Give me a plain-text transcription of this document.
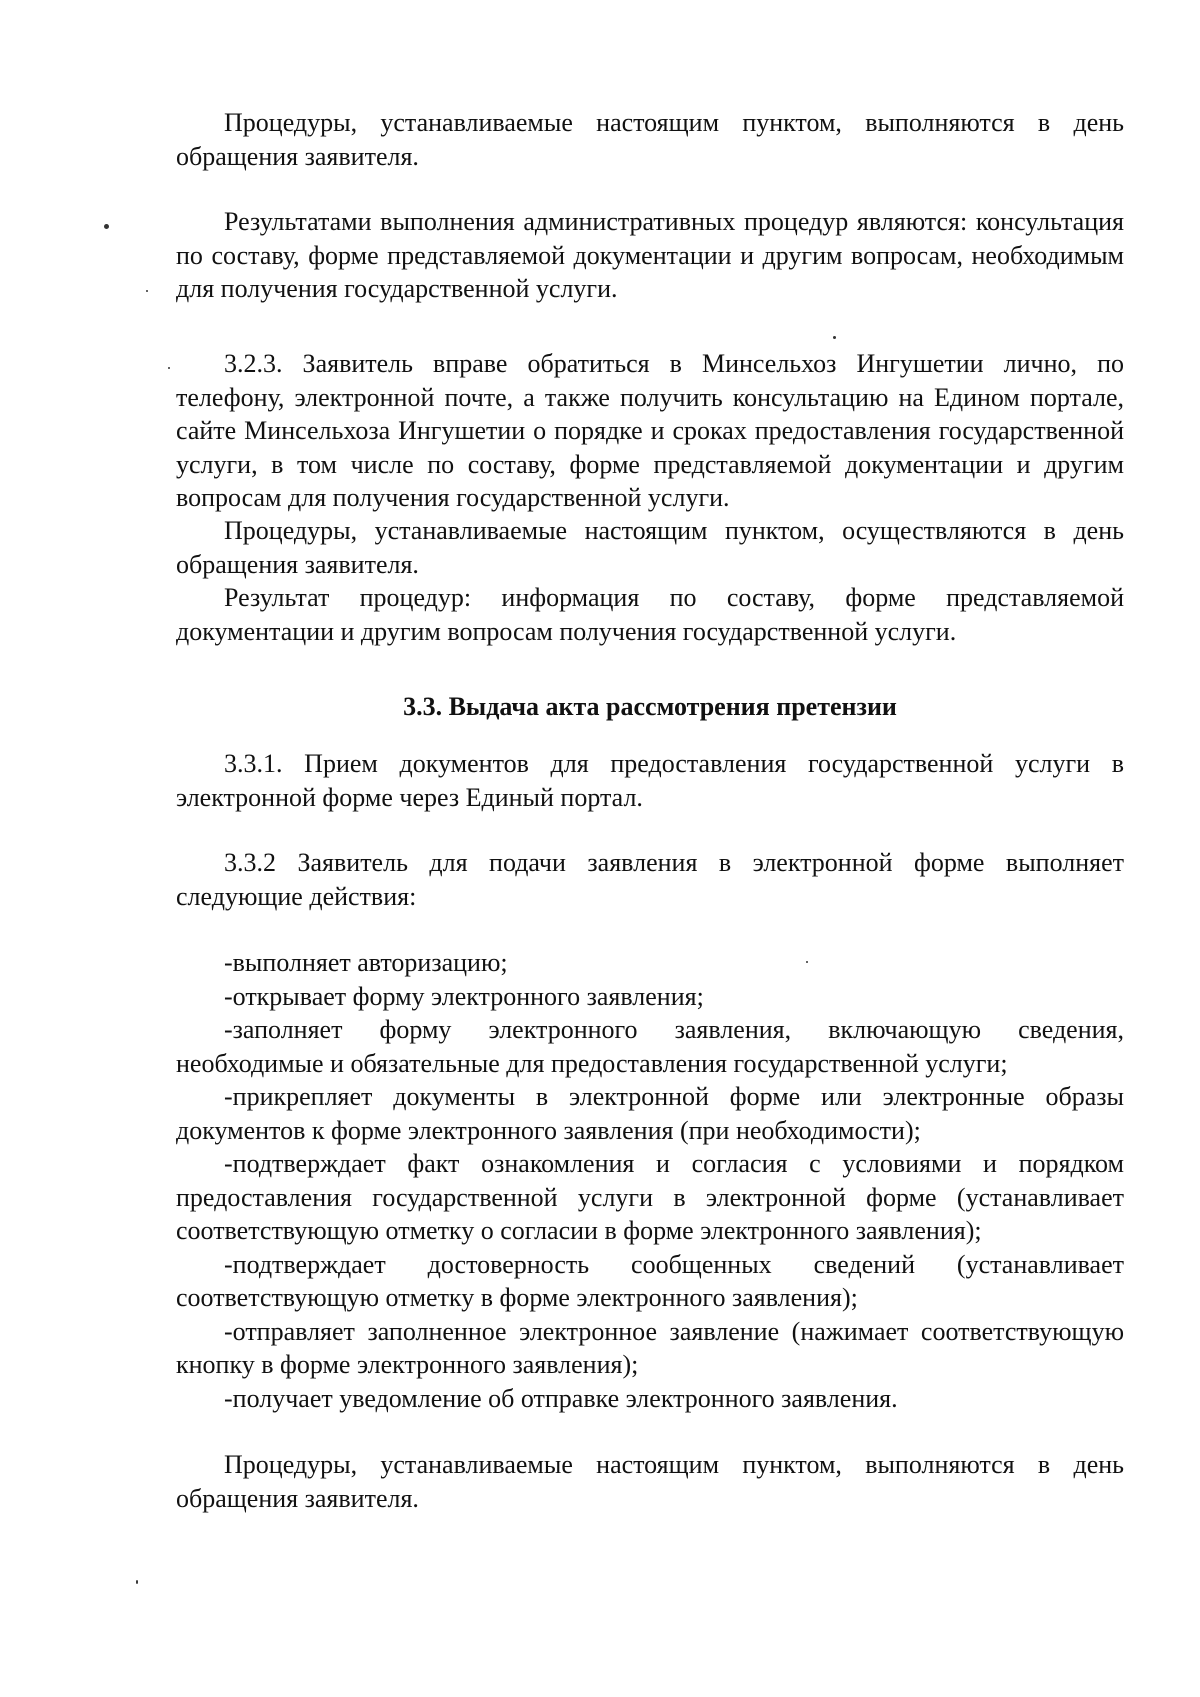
Процедуры, устанавливаемые настоящим пунктом, выполняются в день обращения заявителя.
Результатами выполнения административных процедур являются: консультация по составу, форме представляемой документации и другим вопросам, необходимым для получения государственной услуги.
3.2.3. Заявитель вправе обратиться в Минсельхоз Ингушетии лично, по телефону, электронной почте, а также получить консультацию на Едином портале, сайте Минсельхоза Ингушетии о порядке и сроках предоставления государственной услуги, в том числе по составу, форме представляемой документации и другим вопросам для получения государственной услуги.
Процедуры, устанавливаемые настоящим пунктом, осуществляются в день обращения заявителя.
Результат процедур: информация по составу, форме представляемой документации и другим вопросам получения государственной услуги.
3.3. Выдача акта рассмотрения претензии
3.3.1. Прием документов для предоставления государственной услуги в электронной форме через Единый портал.
3.3.2 Заявитель для подачи заявления в электронной форме выполняет следующие действия:
-выполняет авторизацию;
-открывает форму электронного заявления;
-заполняет форму электронного заявления, включающую сведения, необходимые и обязательные для предоставления государственной услуги;
-прикрепляет документы в электронной форме или электронные образы документов к форме электронного заявления (при необходимости);
-подтверждает факт ознакомления и согласия с условиями и порядком предоставления государственной услуги в электронной форме (устанавливает соответствующую отметку о согласии в форме электронного заявления);
-подтверждает достоверность сообщенных сведений (устанавливает соответствующую отметку в форме электронного заявления);
-отправляет заполненное электронное заявление (нажимает соответствующую кнопку в форме электронного заявления);
-получает уведомление об отправке электронного заявления.
Процедуры, устанавливаемые настоящим пунктом, выполняются в день обращения заявителя.
